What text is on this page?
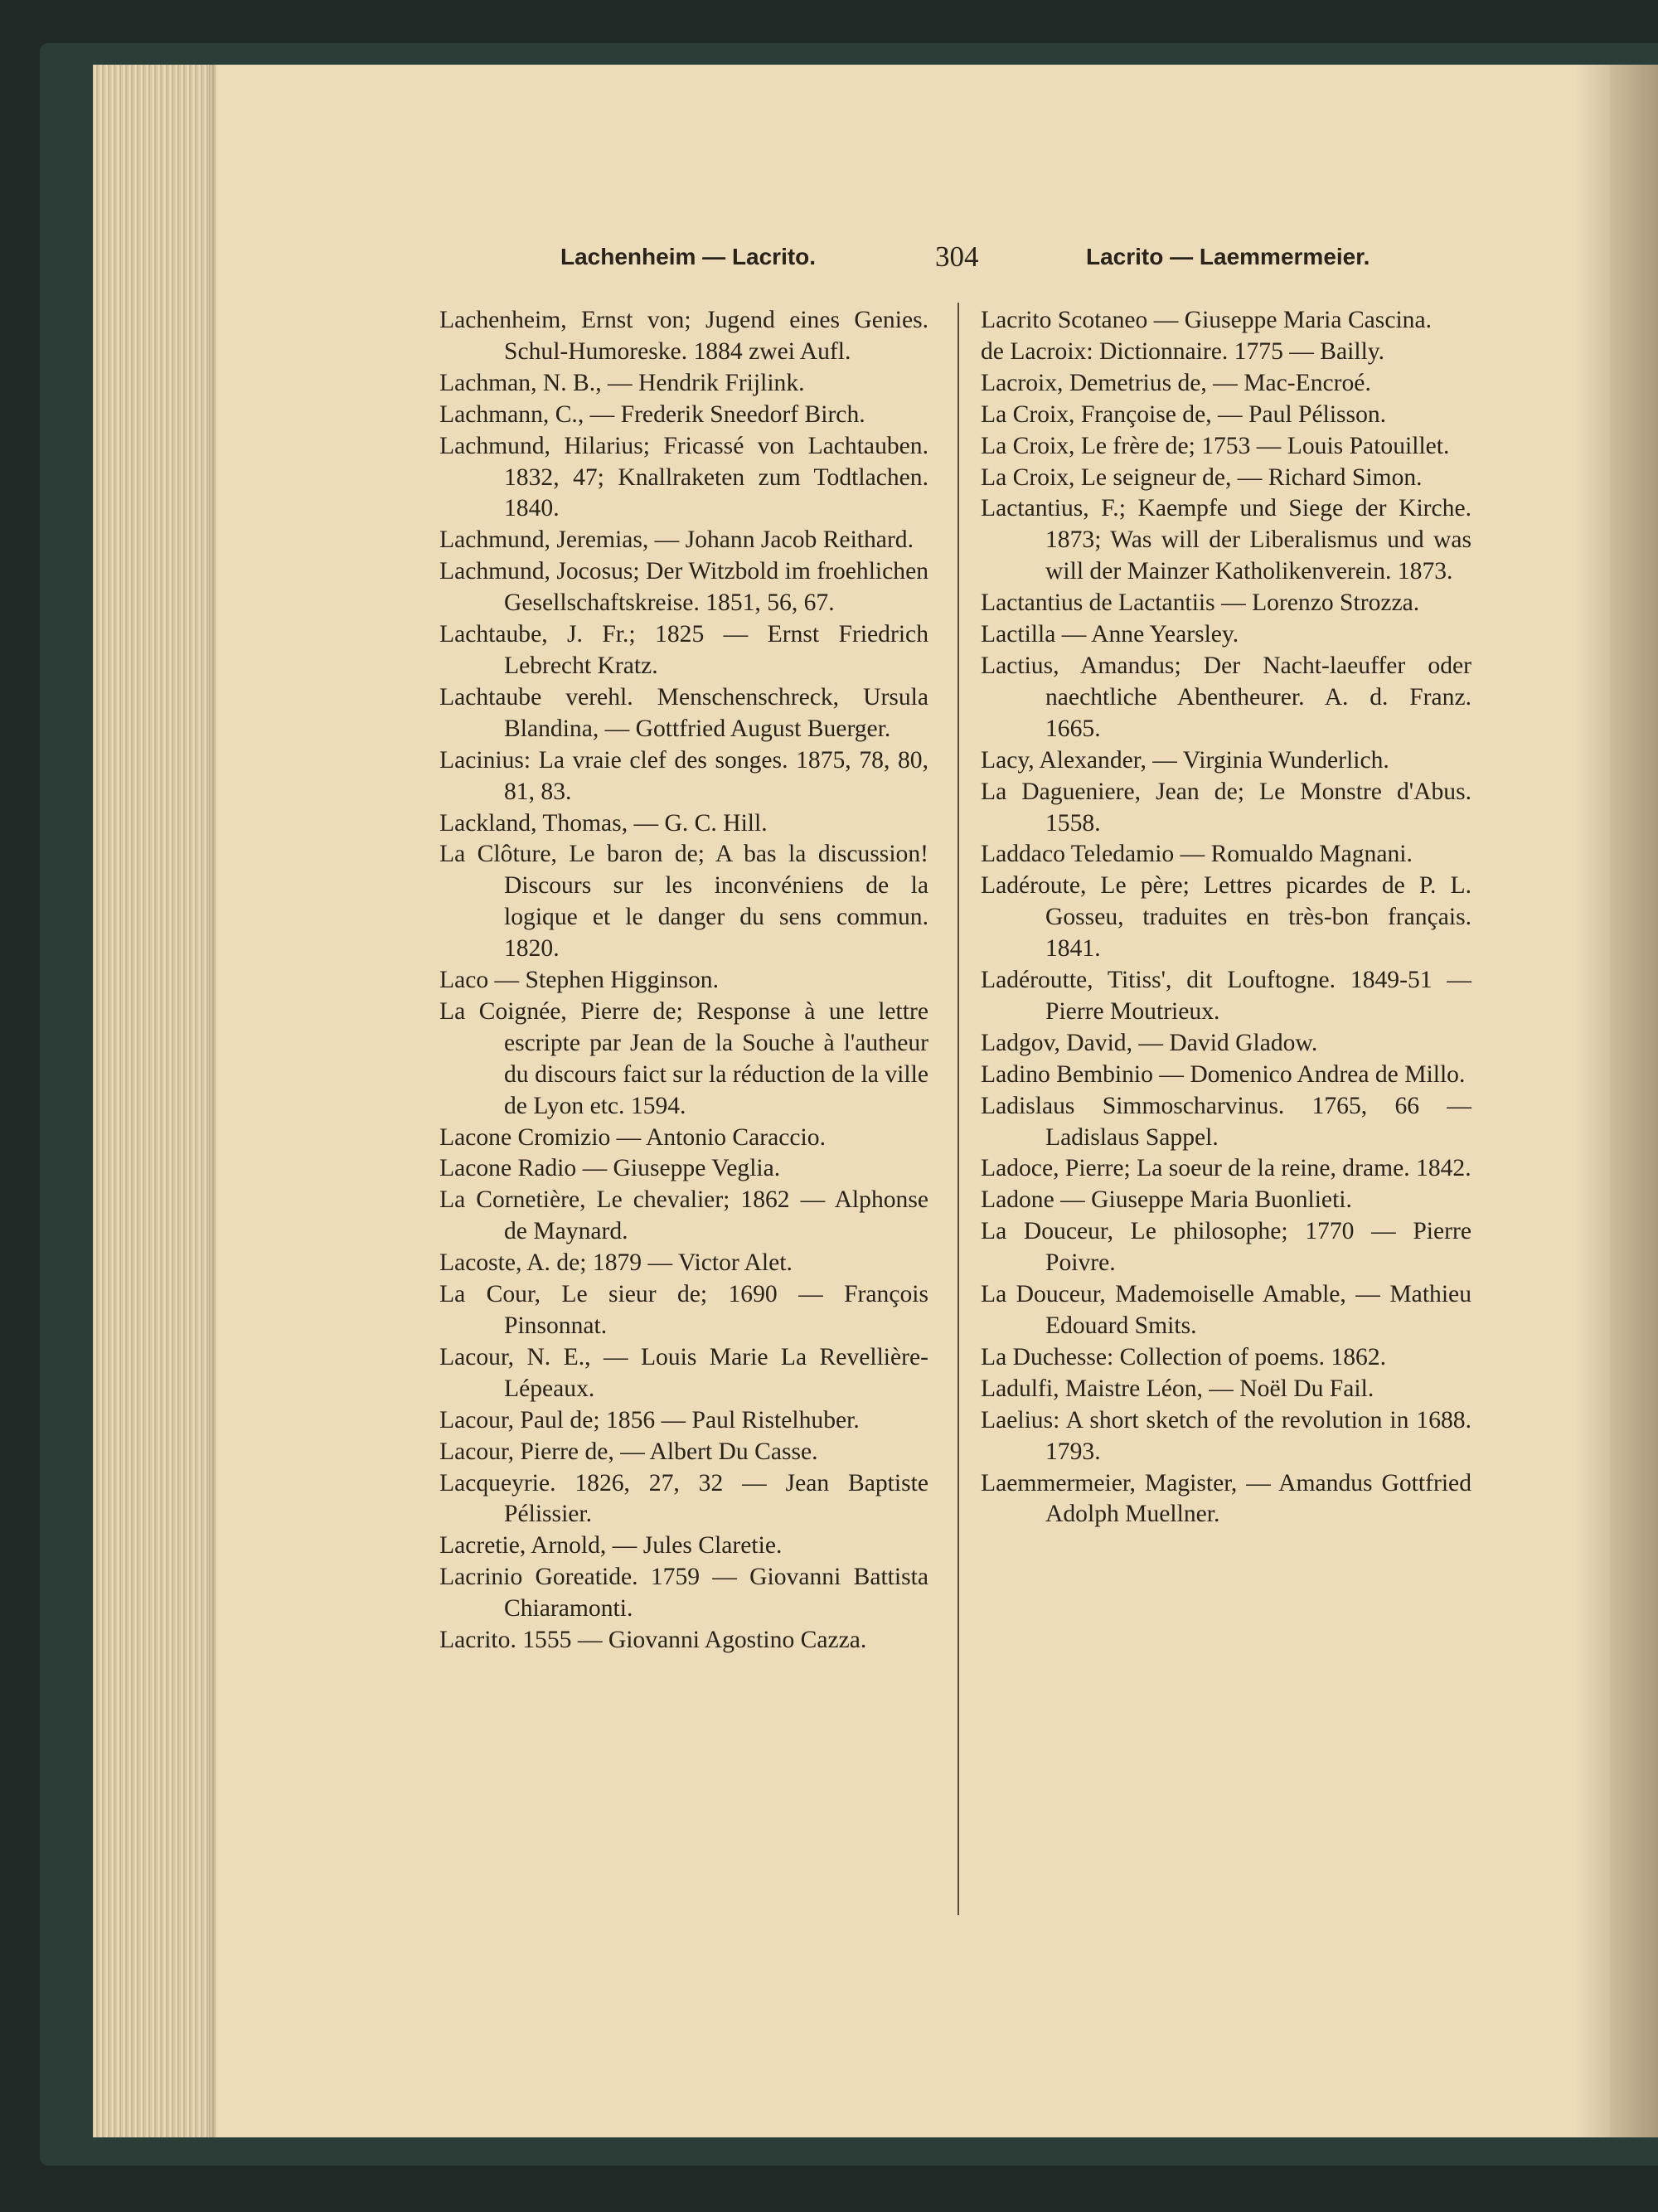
Lachenheim — Lacrito.	304	Lacrito — Laemmermeier.
Lachenheim, Ernst von; Jugend eines Genies. Schul-Humoreske. 1884 zwei Aufl.
Lachman, N. B., — Hendrik Frijlink.
Lachmann, C., — Frederik Sneedorf Birch.
Lachmund, Hilarius; Fricassé von Lachtauben. 1832, 47; Knallraketen zum Todtlachen. 1840.
Lachmund, Jeremias, — Johann Jacob Reithard.
Lachmund, Jocosus; Der Witzbold im froehlichen Gesellschaftskreise. 1851, 56, 67.
Lachtaube, J. Fr.; 1825 — Ernst Friedrich Lebrecht Kratz.
Lachtaube verehl. Menschenschreck, Ursula Blandina, — Gottfried August Buerger.
Lacinius: La vraie clef des songes. 1875, 78, 80, 81, 83.
Lackland, Thomas, — G. C. Hill.
La Clôture, Le baron de; A bas la discussion! Discours sur les inconvéniens de la logique et le danger du sens commun. 1820.
Laco — Stephen Higginson.
La Coignée, Pierre de; Response à une lettre escripte par Jean de la Souche à l'autheur du discours faict sur la réduction de la ville de Lyon etc. 1594.
Lacone Cromizio — Antonio Caraccio.
Lacone Radio — Giuseppe Veglia.
La Cornetière, Le chevalier; 1862 — Alphonse de Maynard.
Lacoste, A. de; 1879 — Victor Alet.
La Cour, Le sieur de; 1690 — François Pinsonnat.
Lacour, N. E., — Louis Marie La Revellière-Lépeaux.
Lacour, Paul de; 1856 — Paul Ristelhuber.
Lacour, Pierre de, — Albert Du Casse.
Lacqueyrie. 1826, 27, 32 — Jean Baptiste Pélissier.
Lacretie, Arnold, — Jules Claretie.
Lacrinio Goreatide. 1759 — Giovanni Battista Chiaramonti.
Lacrito. 1555 — Giovanni Agostino Cazza.
Lacrito Scotaneo — Giuseppe Maria Cascina.
de Lacroix: Dictionnaire. 1775 — Bailly.
Lacroix, Demetrius de, — Mac-Encroé.
La Croix, Françoise de, — Paul Pélisson.
La Croix, Le frère de; 1753 — Louis Patouillet.
La Croix, Le seigneur de, — Richard Simon.
Lactantius, F.; Kaempfe und Siege der Kirche. 1873; Was will der Liberalismus und was will der Mainzer Katholikenverein. 1873.
Lactantius de Lactantiis — Lorenzo Strozza.
Lactilla — Anne Yearsley.
Lactius, Amandus; Der Nacht-laeuffer oder naechtliche Abentheurer. A. d. Franz. 1665.
Lacy, Alexander, — Virginia Wunderlich.
La Dagueniere, Jean de; Le Monstre d'Abus. 1558.
Laddaco Teledamio — Romualdo Magnani.
Ladéroute, Le père; Lettres picardes de P. L. Gosseu, traduites en très-bon français. 1841.
Ladéroutte, Titiss', dit Louftogne. 1849-51 — Pierre Moutrieux.
Ladgov, David, — David Gladow.
Ladino Bembinio — Domenico Andrea de Millo.
Ladislaus Simmoscharvinus. 1765, 66 — Ladislaus Sappel.
Ladoce, Pierre; La soeur de la reine, drame. 1842.
Ladone — Giuseppe Maria Buonlieti.
La Douceur, Le philosophe; 1770 — Pierre Poivre.
La Douceur, Mademoiselle Amable, — Mathieu Edouard Smits.
La Duchesse: Collection of poems. 1862.
Ladulfi, Maistre Léon, — Noël Du Fail.
Laelius: A short sketch of the revolution in 1688. 1793.
Laemmermeier, Magister, — Amandus Gottfried Adolph Muellner.
